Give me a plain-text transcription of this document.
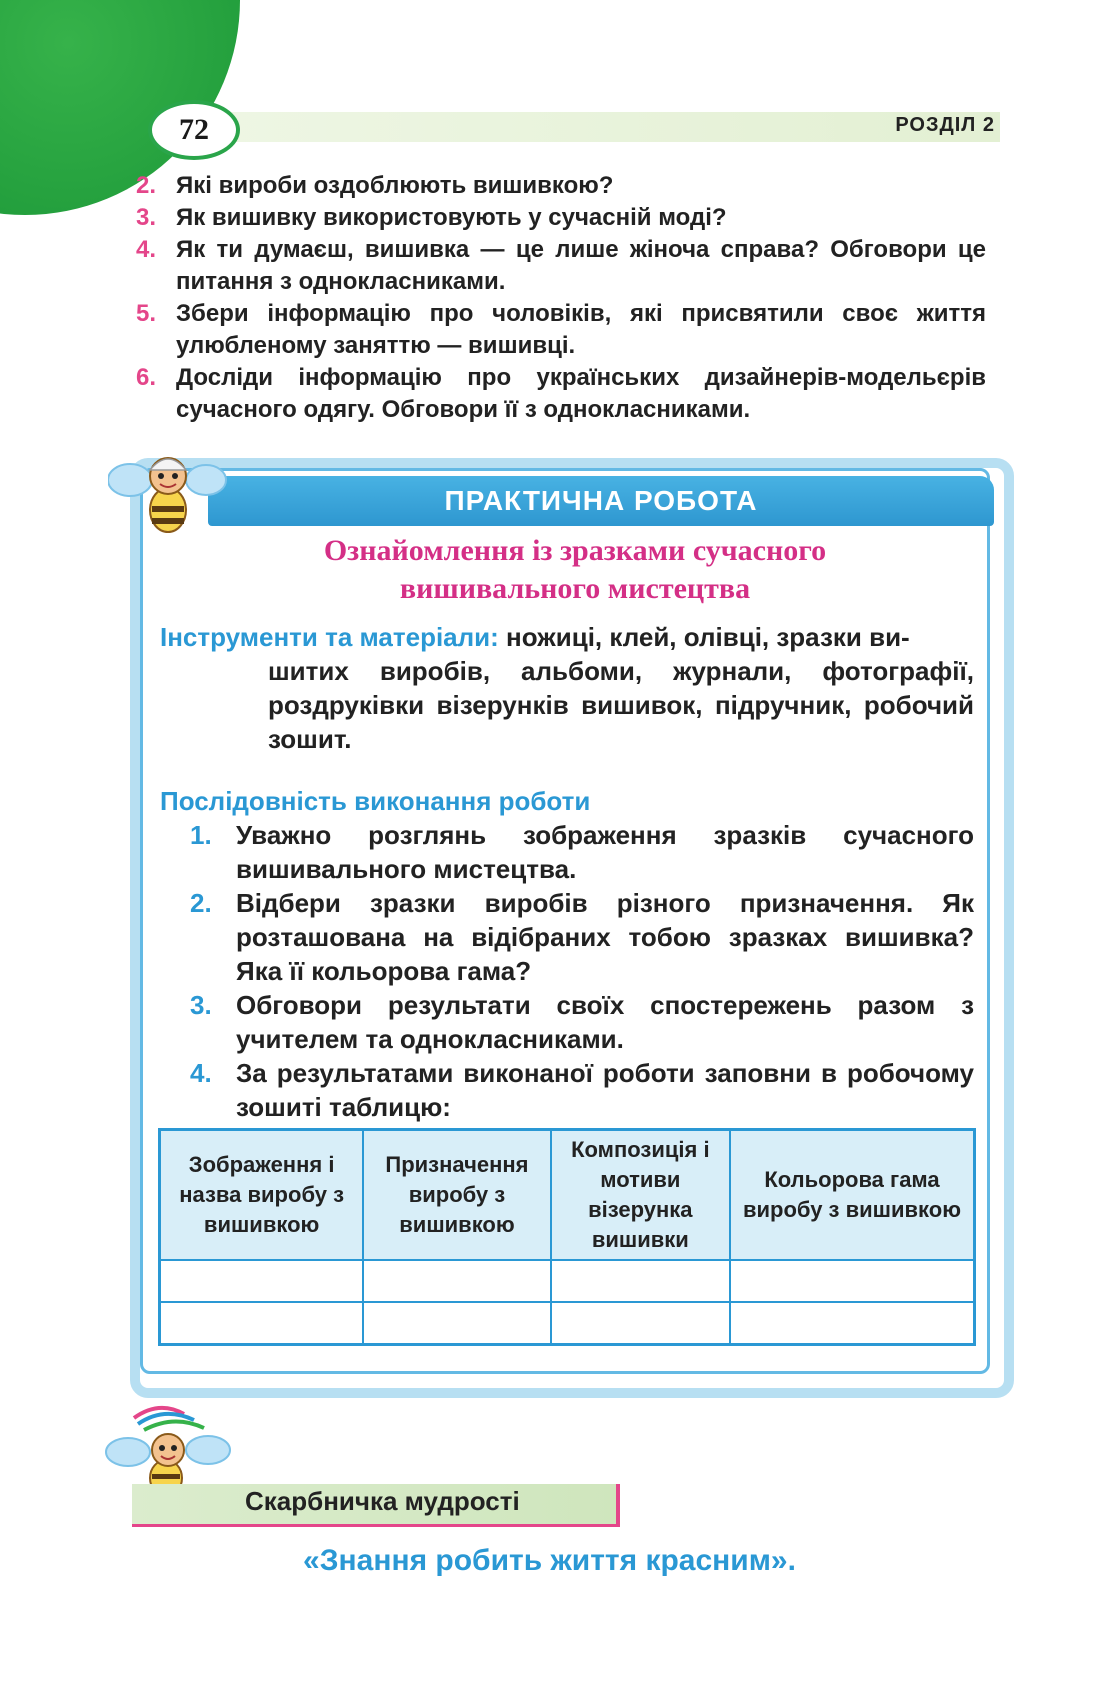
72	РОЗДІЛ 2
2. Які вироби оздоблюють вишивкою?
3. Як вишивку використовують у сучасній моді?
4. Як ти думаєш, вишивка — це лише жіноча справа? Обговори це питання з однокласниками.
5. Збери інформацію про чоловіків, які присвятили своє життя улюбленому заняттю — вишивці.
6. Досліди інформацію про українських дизайнерів-модельєрів сучасного одягу. Обговори її з однокласниками.
ПРАКТИЧНА РОБОТА
Ознайомлення із зразками сучасного
вишивального мистецтва
Інструменти та матеріали: ножиці, клей, олівці, зразки ви-
шитих виробів, альбоми, журнали, фотографії, роздруківки візерунків вишивок, підручник, робочий зошит.
Послідовність виконання роботи
1. Уважно розглянь зображення зразків сучасного вишивального мистецтва.
2. Відбери зразки виробів різного призначення. Як розташована на відібраних тобою зразках вишивка? Яка її кольорова гама?
3. Обговори результати своїх спостережень разом з учителем та однокласниками.
4. За результатами виконаної роботи заповни в робочому зошиті таблицю:
Зображення і назва виробу з вишивкою	Призначення виробу з вишивкою	Композиція і мотиви візерунка вишивки	Кольорова гама виробу з вишивкою

Скарбничка мудрості
«Знання робить життя красним».
